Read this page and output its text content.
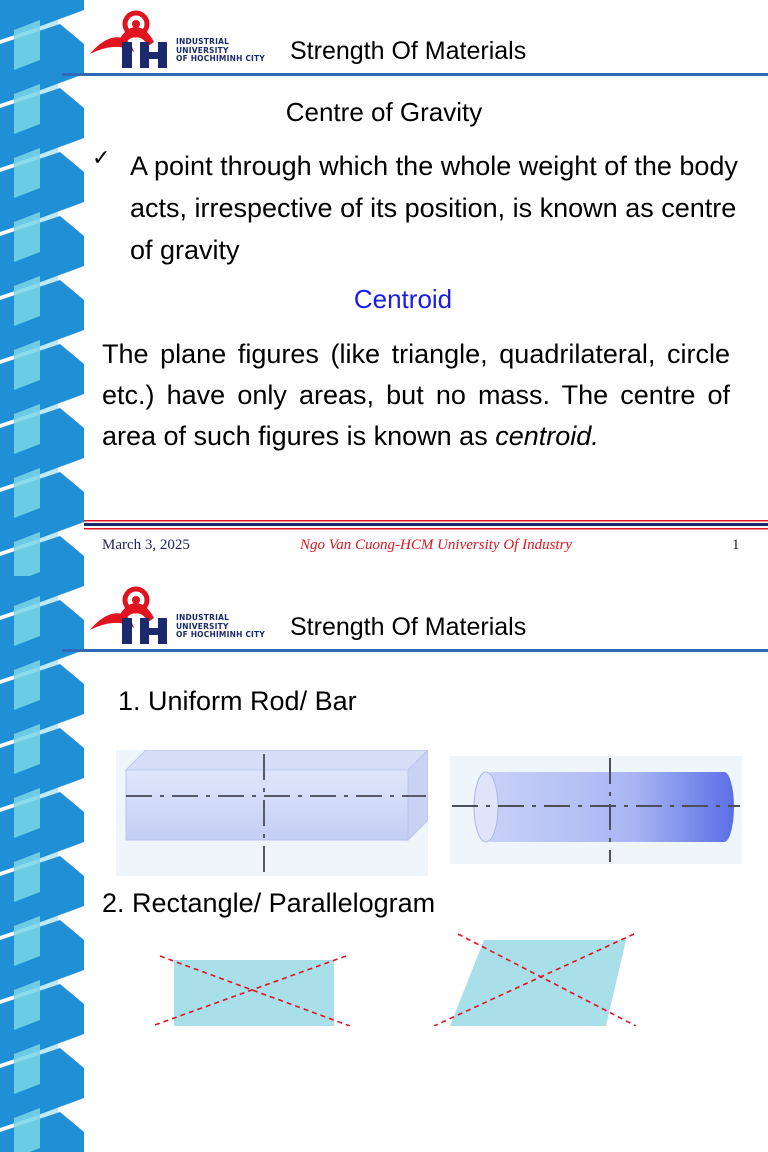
INDUSTRIAL
UNIVERSITY
OF HOCHIMINH CITY Strength Of Materials
Centre of Gravity
✓ A point through which the whole weight of the body acts, irrespective of its position, is known as centre of gravity
Centroid
The plane figures (like triangle, quadrilateral, circle etc.) have only areas, but no mass. The centre of area of such figures is known as centroid.
March 3, 2025	Ngo Van Cuong-HCM University Of Industry	1
INDUSTRIAL
UNIVERSITY
OF HOCHIMINH CITY Strength Of Materials
1. Uniform Rod/ Bar
2. Rectangle/ Parallelogram
